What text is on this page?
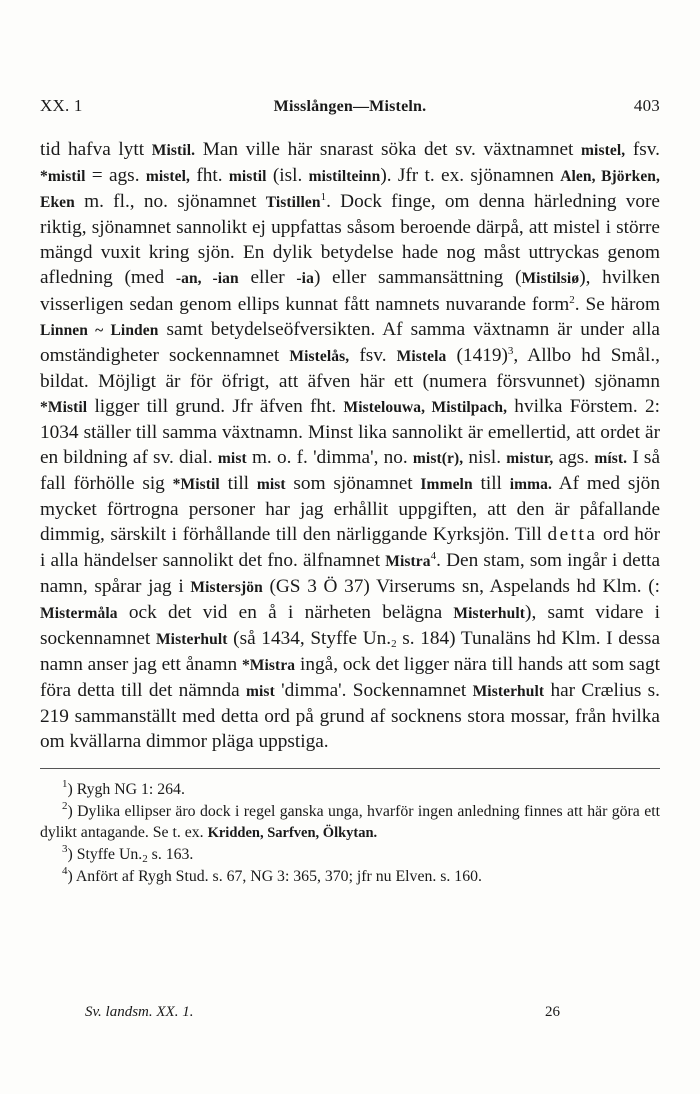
XX. 1	Misslången—Misteln.	403

tid hafva lytt Mistil. Man ville här snarast söka det sv. växtnamnet mistel, fsv. *mistil = ags. mistel, fht. mistil (isl. mistilteinn). Jfr t. ex. sjönamnen Alen, Björken, Eken m. fl., no. sjönamnet Tistillen$^1$. Dock finge, om denna härledning vore riktig, sjönamnet sannolikt ej uppfattas såsom beroende därpå, att mistel i större mängd vuxit kring sjön. En dylik betydelse hade nog måst uttryckas genom afledning (med -an, -ian eller -ia) eller sammansättning (Mistilsiø), hvilken visserligen sedan genom ellips kunnat fått namnets nuvarande form$^2$. Se härom Linnen ~ Linden samt betydelseöfversikten. Af samma växtnamn är under alla omständigheter sockennamnet Mistelås, fsv. Mistela $(1419)^3$, Allbo hd Smål., bildat. Möjligt är för öfrigt, att äfven här ett (numera försvunnet) sjönamn *Mistil ligger till grund. Jfr äfven fht. Mistelouwa, Mistilpach, hvilka Förstem. 2: 1034 ställer till samma växtnamn. Minst lika sannolikt är emellertid, att ordet är en bildning af sv. dial. mist m. o. f. 'dimma', no. mist(r), nisl. mistur, ags. míst. I så fall förhölle sig *Mistil till mist som sjönamnet Immeln till imma. Af med sjön mycket förtrogna personer har jag erhållit uppgiften, att den är påfallande dimmig, särskilt i förhållande till den närliggande Kyrksjön. Till detta ord hör i alla händelser sannolikt det fno. älfnamnet Mistra$^4$. Den stam, som ingår i detta namn, spårar jag i Mistersjön (GS 3 Ö 37) Virserums sn, Aspelands hd Klm. (: Mistermåla ock det vid en å i närheten belägna Misterhult), samt vidare i sockennamnet Misterhult (så 1434, Styffe $Un._2$ s. 184) Tunaläns hd Klm. I dessa namn anser jag ett ånamn *Mistra ingå, ock det ligger nära till hands att som sagt föra detta till det nämnda mist 'dimma'. Sockennamnet Misterhult har Crælius s. 219 sammanställt med detta ord på grund af socknens stora mossar, från hvilka om kvällarna dimmor pläga uppstiga.

$^1$) Rygh NG 1: 264.

$^2$) Dylika ellipser äro dock i regel ganska unga, hvarför ingen anledning finnes att här göra ett dylikt antagande. Se t. ex. Kridden, Sarfven, Ölkytan.

$^3$) Styffe $Un._2$ s. 163.

$^4$) Anfört af Rygh Stud. s. 67, NG 3: 365, 370; jfr nu Elven. s. 160.

Sv. landsm. XX. 1.	26
